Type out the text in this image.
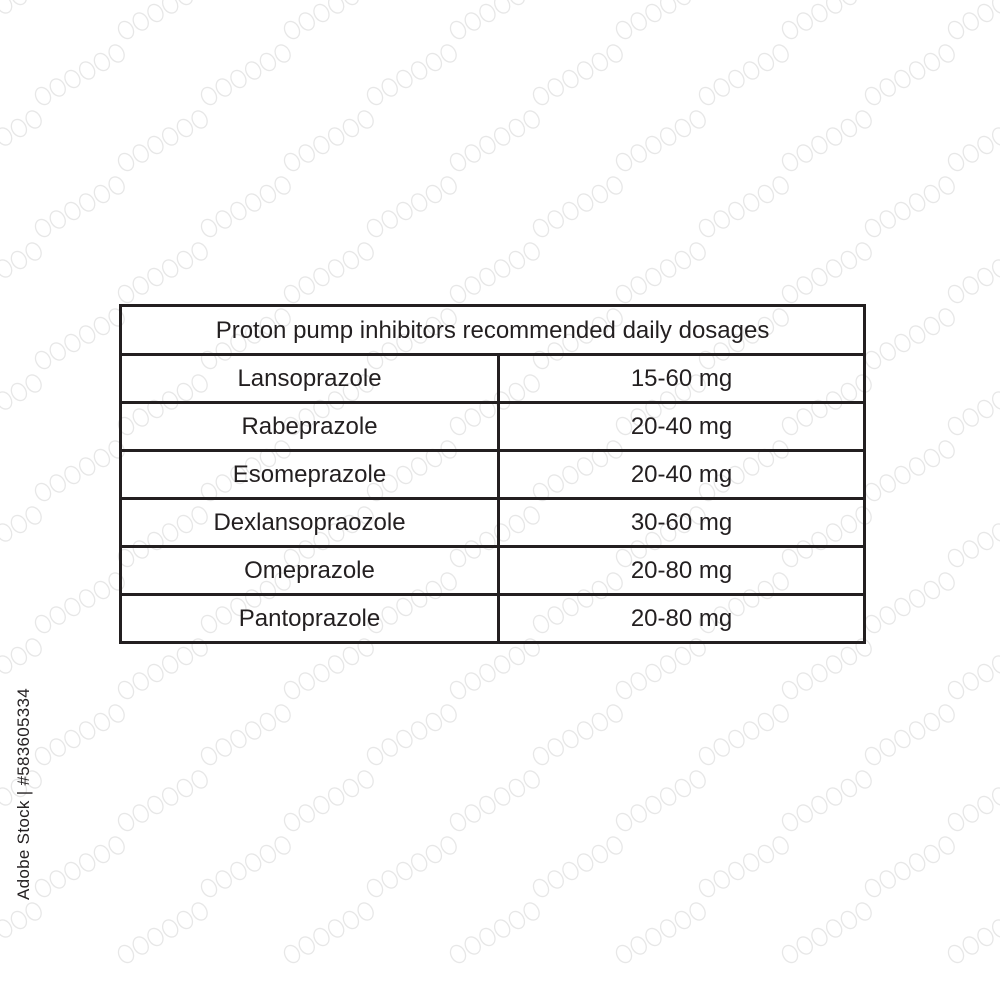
Proton pump inhibitors recommended daily dosages	
Lansoprazole	15-60 mg
Rabeprazole	20-40 mg
Esomeprazole	20-40 mg
Dexlansopraozole	30-60 mg
Omeprazole	20-80 mg
Pantoprazole	20-80 mg
Adobe Stock | #583605334
